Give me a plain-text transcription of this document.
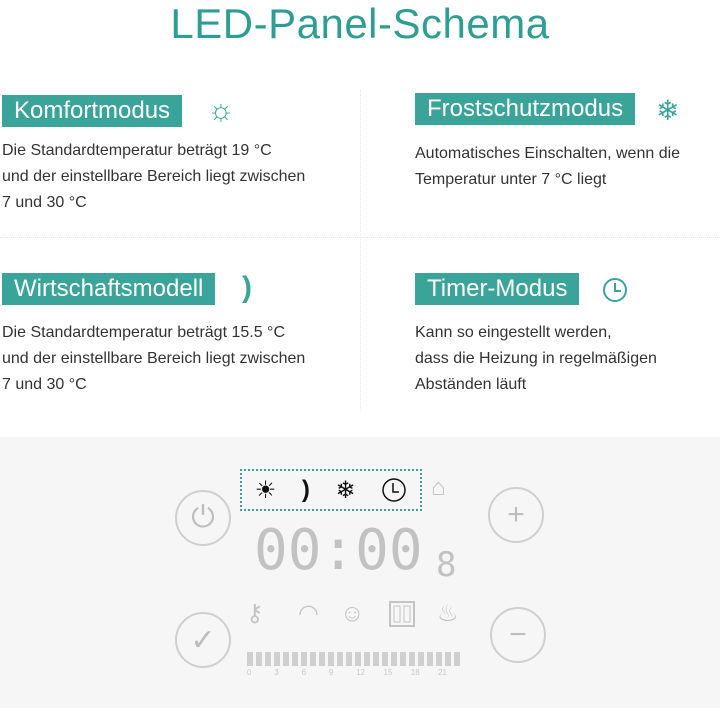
LED-Panel-Schema
Komfortmodus	☼
Die Standardtemperatur beträgt 19 °C
und der einstellbare Bereich liegt zwischen
7 und 30 °C
Frostschutzmodus	❄
Automatisches Einschalten, wenn die
Temperatur unter 7 °C liegt
Wirtschaftsmodell	)
Die Standardtemperatur beträgt 15.5 °C
und der einstellbare Bereich liegt zwischen
7 und 30 °C
Timer-Modus
Kann so eingestellt werden,
dass die Heizung in regelmäßigen
Abständen läuft
⏻
✓
+
−
☀ ) ❄	⌂
00:00 8
⚷ ◠ ☺	♨
0	3	6	9	12 15 18 21
